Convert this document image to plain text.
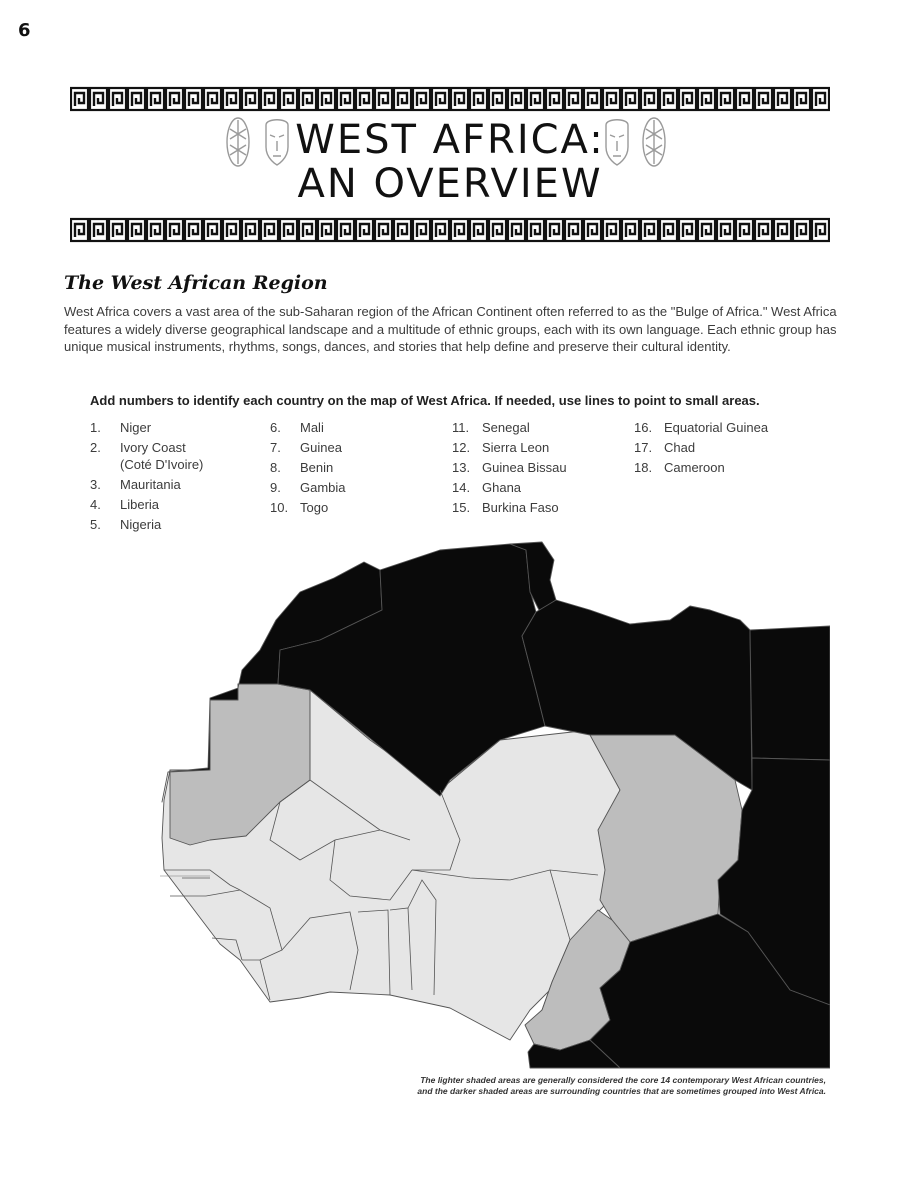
6
WEST AFRICA:
AN OVERVIEW
The West African Region

West Africa covers a vast area of the sub-Saharan region of the African Continent often referred to as the "Bulge of Africa." West Africa features a widely diverse geographical landscape and a multitude of ethnic groups, each with its own language. Each ethnic group has unique musical instruments, rhythms, songs, dances, and stories that help define and preserve their cultural identity.

Add numbers to identify each country on the map of West Africa. If needed, use lines to point to small areas.

1.	Niger
2.	Ivory Coast
(Coté D'Ivoire)
3.	Mauritania
4.	Liberia
5.	Nigeria
6.	Mali
7.	Guinea
8.	Benin
9.	Gambia
10. Togo
11. Senegal
12. Sierra Leon
13. Guinea Bissau
14. Ghana
15. Burkina Faso
16. Equatorial Guinea
17. Chad
18. Cameroon

The lighter shaded areas are generally considered the core 14 contemporary West African countries,
and the darker shaded areas are surrounding countries that are sometimes grouped into West Africa.
